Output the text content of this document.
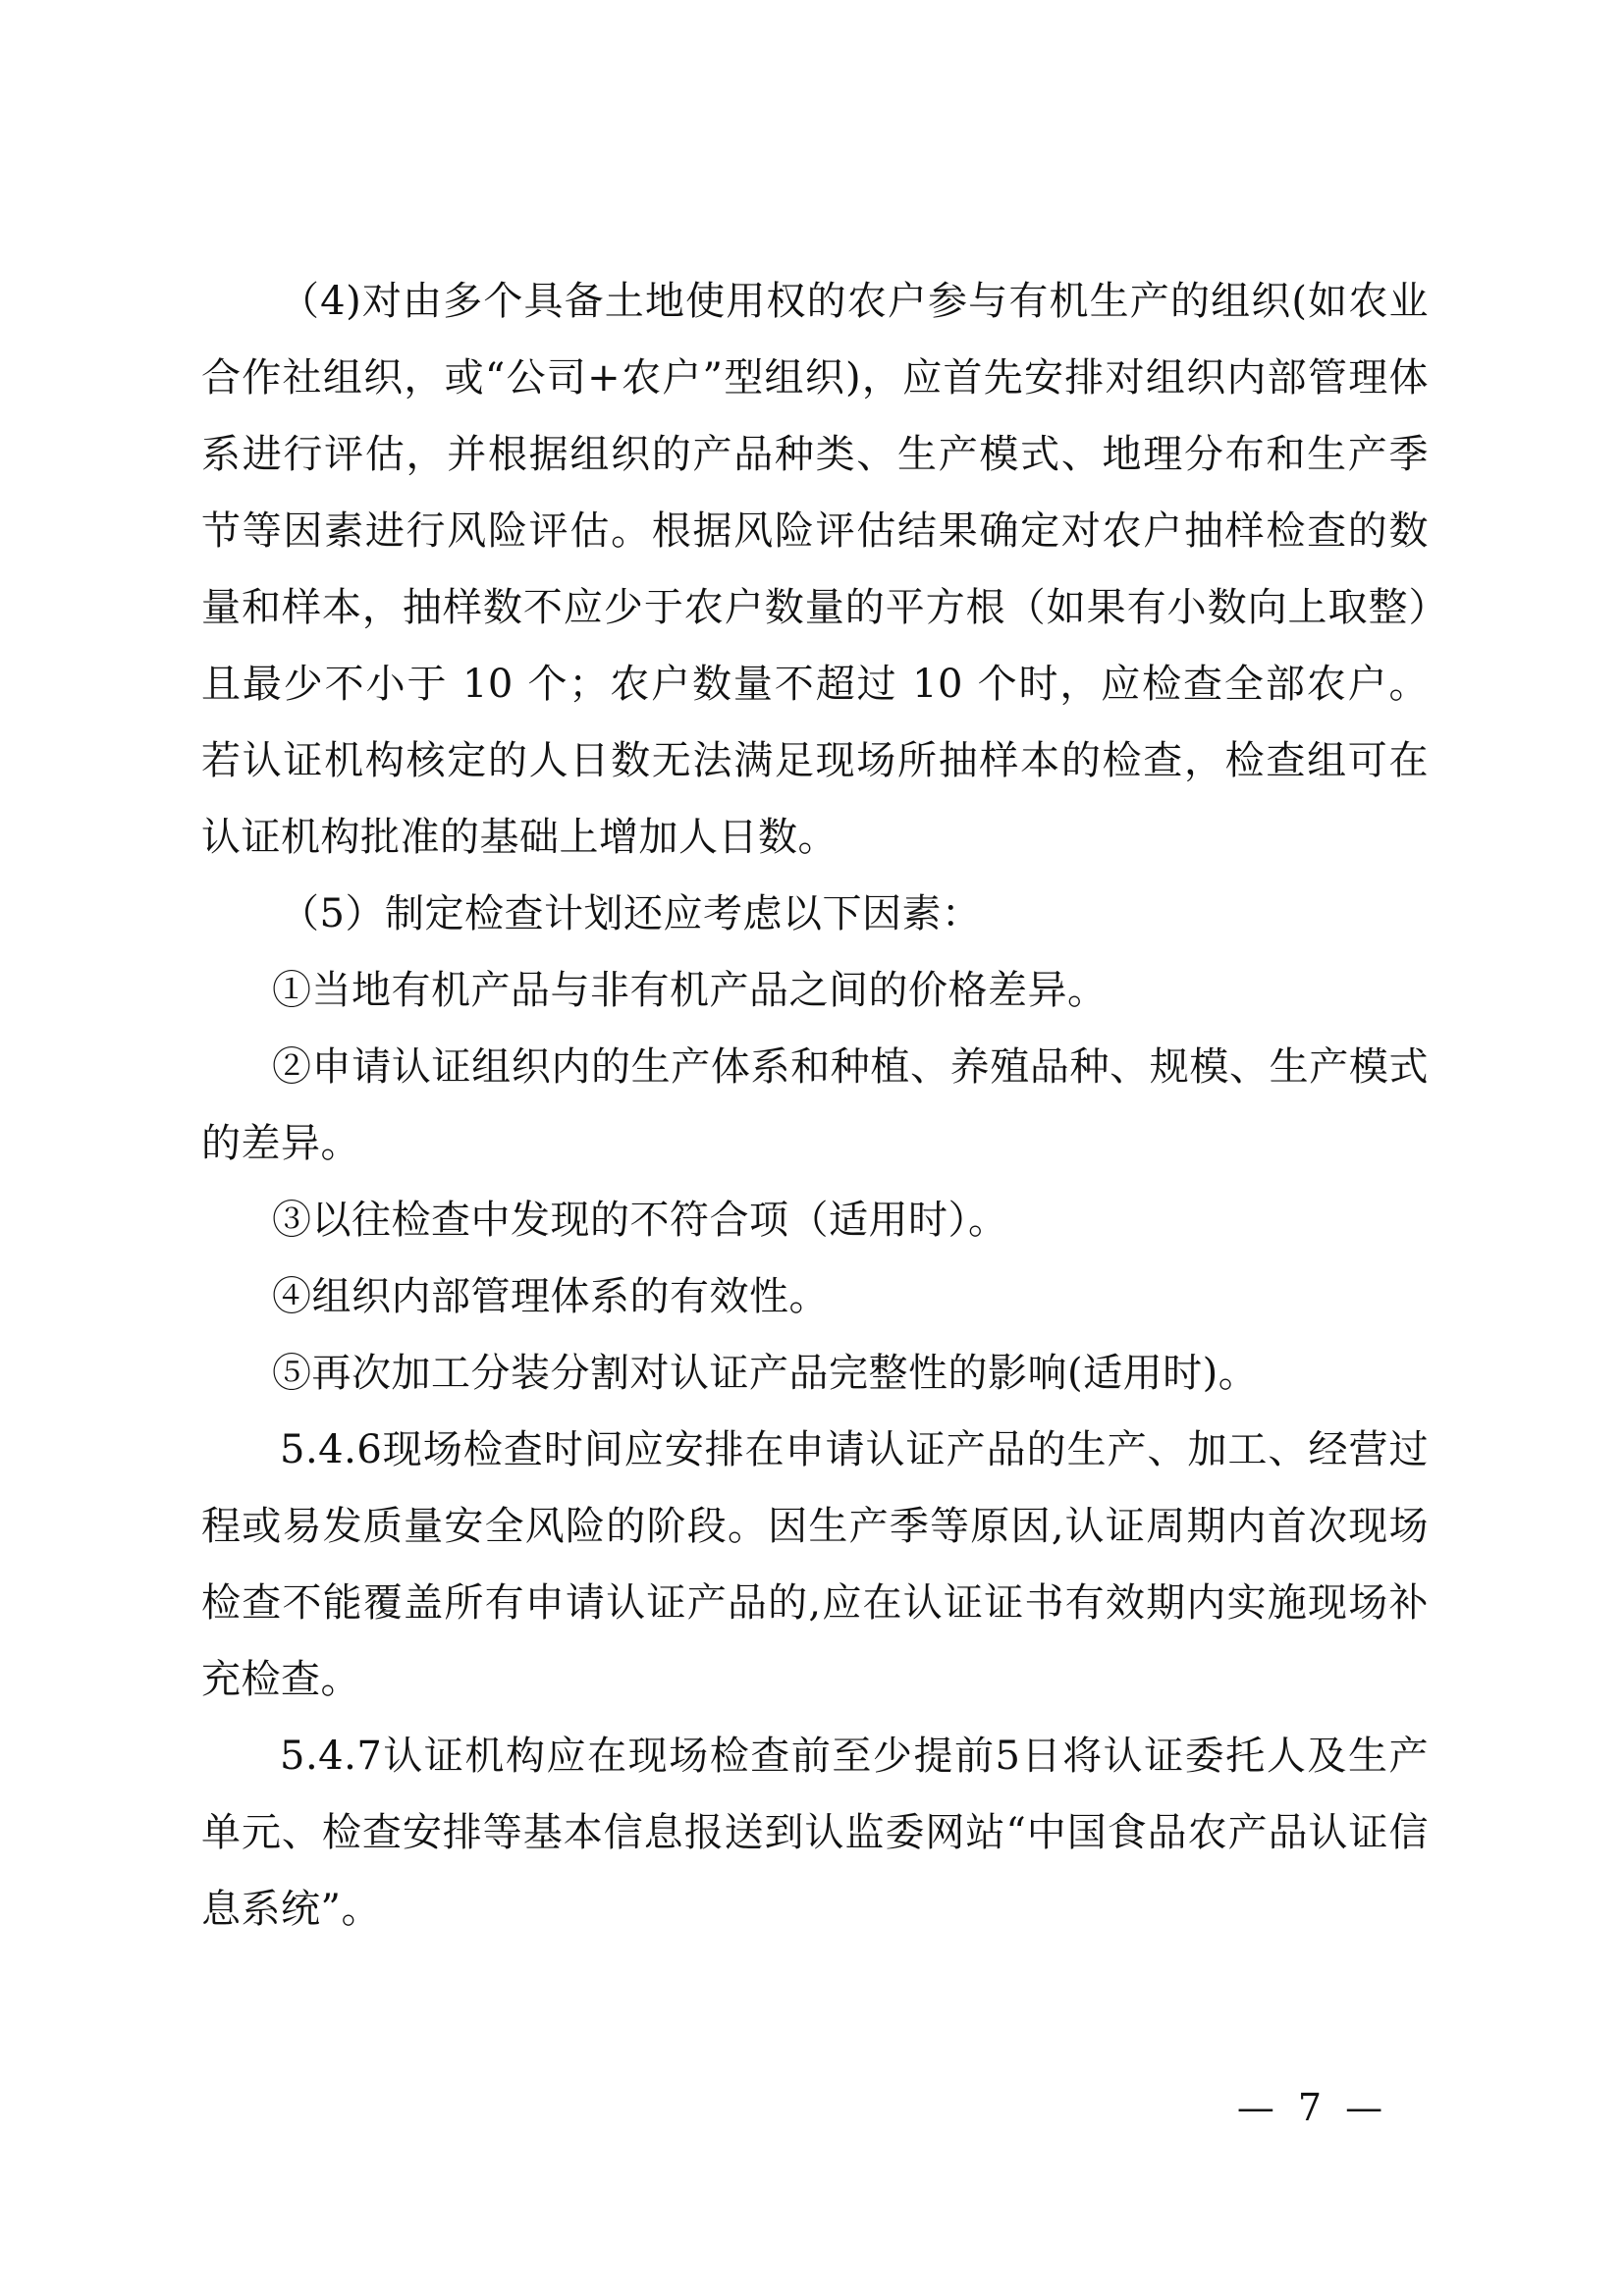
（4)对由多个具备土地使用权的农户参与有机生产的组织(如农业合作社组织，或“公司+农户”型组织)，应首先安排对组织内部管理体系进行评估，并根据组织的产品种类、生产模式、地理分布和生产季节等因素进行风险评估。根据风险评估结果确定对农户抽样检查的数量和样本，抽样数不应少于农户数量的平方根（如果有小数向上取整）且最少不小于 10 个；农户数量不超过 10 个时，应检查全部农户。若认证机构核定的人日数无法满足现场所抽样本的检查，检查组可在认证机构批准的基础上增加人日数。

（5）制定检查计划还应考虑以下因素：

①当地有机产品与非有机产品之间的价格差异。

②申请认证组织内的生产体系和种植、养殖品种、规模、生产模式的差异。

③以往检查中发现的不符合项（适用时）。

④组织内部管理体系的有效性。

⑤再次加工分装分割对认证产品完整性的影响(适用时)。

5.4.6现场检查时间应安排在申请认证产品的生产、加工、经营过程或易发质量安全风险的阶段。因生产季等原因,认证周期内首次现场检查不能覆盖所有申请认证产品的,应在认证证书有效期内实施现场补充检查。

5.4.7认证机构应在现场检查前至少提前5日将认证委托人及生产单元、检查安排等基本信息报送到认监委网站“中国食品农产品认证信息系统”。

— 7 —
